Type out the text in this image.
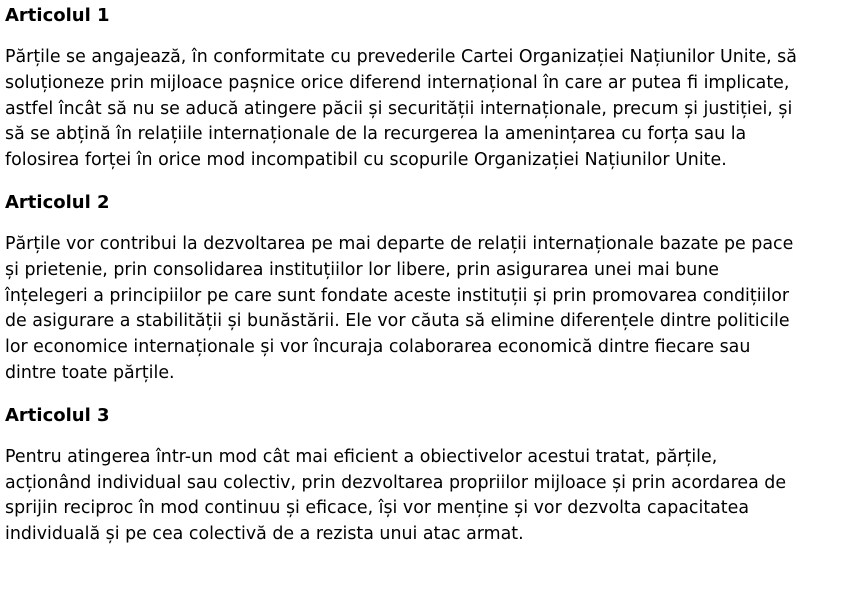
Articolul 1

Părțile se angajează, în conformitate cu prevederile Cartei Organizației Națiunilor Unite, să
soluționeze prin mijloace pașnice orice diferend internațional în care ar putea fi implicate,
astfel încât să nu se aducă atingere păcii și securității internaționale, precum și justiției, și
să se abțină în relațiile internaționale de la recurgerea la amenințarea cu forța sau la
folosirea forței în orice mod incompatibil cu scopurile Organizației Națiunilor Unite.

Articolul 2

Părțile vor contribui la dezvoltarea pe mai departe de relații internaționale bazate pe pace
și prietenie, prin consolidarea instituțiilor lor libere, prin asigurarea unei mai bune
înțelegeri a principiilor pe care sunt fondate aceste instituții și prin promovarea condițiilor
de asigurare a stabilității și bunăstării. Ele vor căuta să elimine diferențele dintre politicile
lor economice internaționale și vor încuraja colaborarea economică dintre fiecare sau
dintre toate părțile.

Articolul 3

Pentru atingerea într-un mod cât mai eficient a obiectivelor acestui tratat, părțile,
acționând individual sau colectiv, prin dezvoltarea propriilor mijloace și prin acordarea de
sprijin reciproc în mod continuu și eficace, își vor menține și vor dezvolta capacitatea
individuală și pe cea colectivă de a rezista unui atac armat.
